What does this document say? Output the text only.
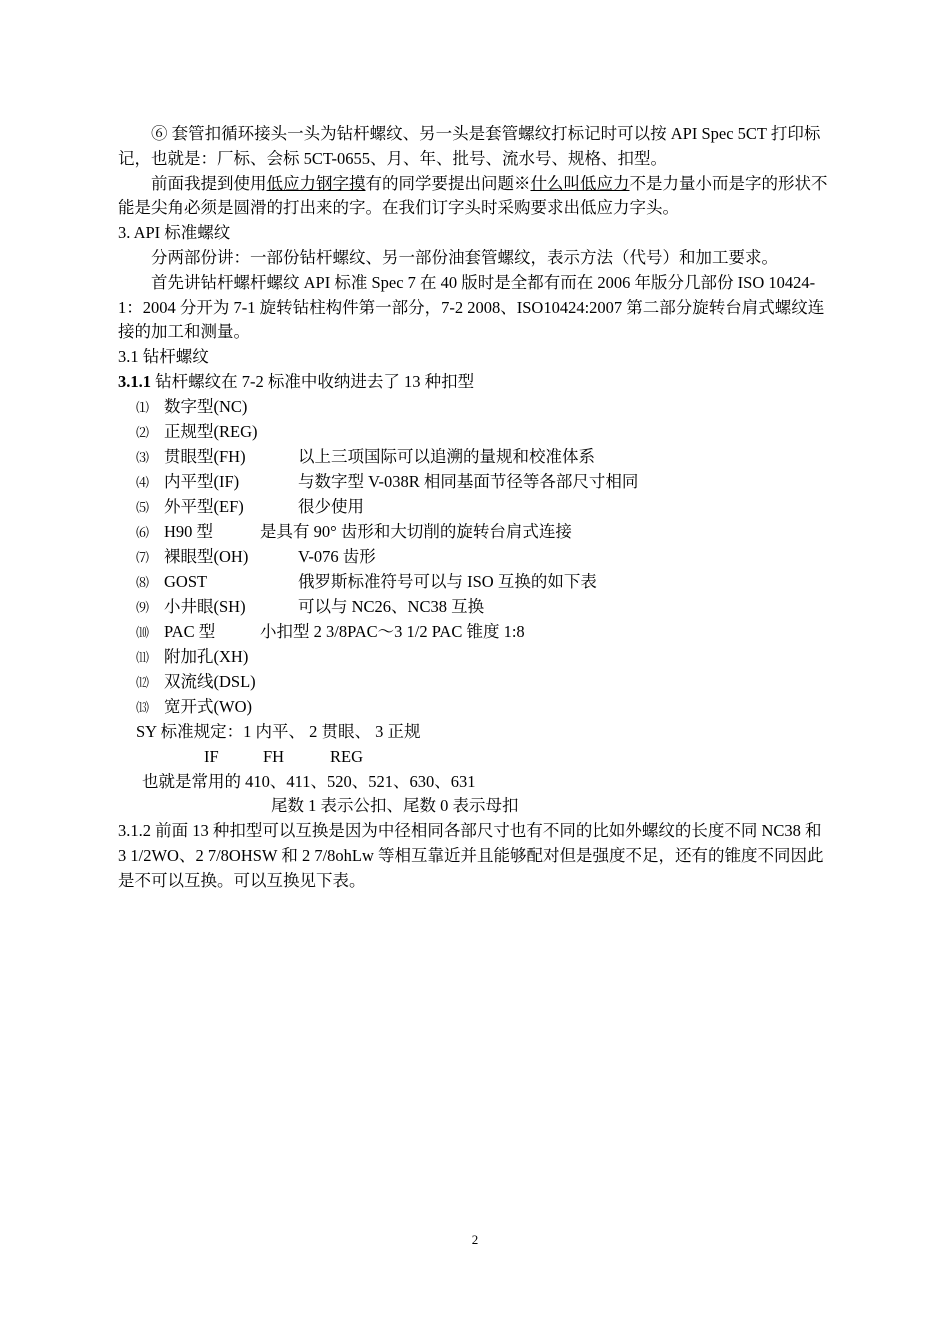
⑥ 套管扣循环接头一头为钻杆螺纹、另一头是套管螺纹打标记时可以按 API Spec 5CT 打印标记，也就是：厂标、会标 5CT-0655、月、年、批号、流水号、规格、扣型。

前面我提到使用低应力钢字摸有的同学要提出问题※什么叫低应力不是力量小而是字的形状不能是尖角必须是圆滑的打出来的字。在我们订字头时采购要求出低应力字头。

3. API 标准螺纹

分两部份讲：一部份钻杆螺纹、另一部份油套管螺纹，表示方法（代号）和加工要求。

首先讲钻杆螺杆螺纹 API 标准 Spec 7 在 40 版时是全都有而在 2006 年版分几部份 ISO 10424-1：2004 分开为 7-1 旋转钻柱构件第一部分，7-2 2008、ISO10424:2007 第二部分旋转台肩式螺纹连接的加工和测量。

3.1 钻杆螺纹

3.1.1 钻杆螺纹在 7-2 标准中收纳进去了 13 种扣型

⑴ 数字型(NC)
⑵ 正规型(REG)
⑶ 贯眼型(FH)	以上三项国际可以追溯的量规和校准体系
⑷ 内平型(IF)	与数字型 V-038R 相同基面节径等各部尺寸相同
⑸ 外平型(EF)	很少使用
⑹ H90 型	是具有 90° 齿形和大切削的旋转台肩式连接
⑺ 裸眼型(OH)	V-076 齿形
⑻ GOST	俄罗斯标准符号可以与 ISO 互换的如下表
⑼ 小井眼(SH)	可以与 NC26、NC38 互换
⑽ PAC 型	小扣型 2 3/8PAC～3 1/2 PAC 锥度 1:8
⑾ 附加孔(XH)
⑿ 双流线(DSL)
⒀ 宽开式(WO)

SY 标准规定：1 内平、 2 贯眼、 3 正规

IF	FH	REG

也就是常用的 410、411、520、521、630、631

尾数 1 表示公扣、尾数 0 表示母扣

3.1.2 前面 13 种扣型可以互换是因为中径相同各部尺寸也有不同的比如外螺纹的长度不同 NC38 和 3 1/2WO、2 7/8OHSW 和 2 7/8ohLw 等相互靠近并且能够配对但是强度不足，还有的锥度不同因此是不可以互换。可以互换见下表。

2
